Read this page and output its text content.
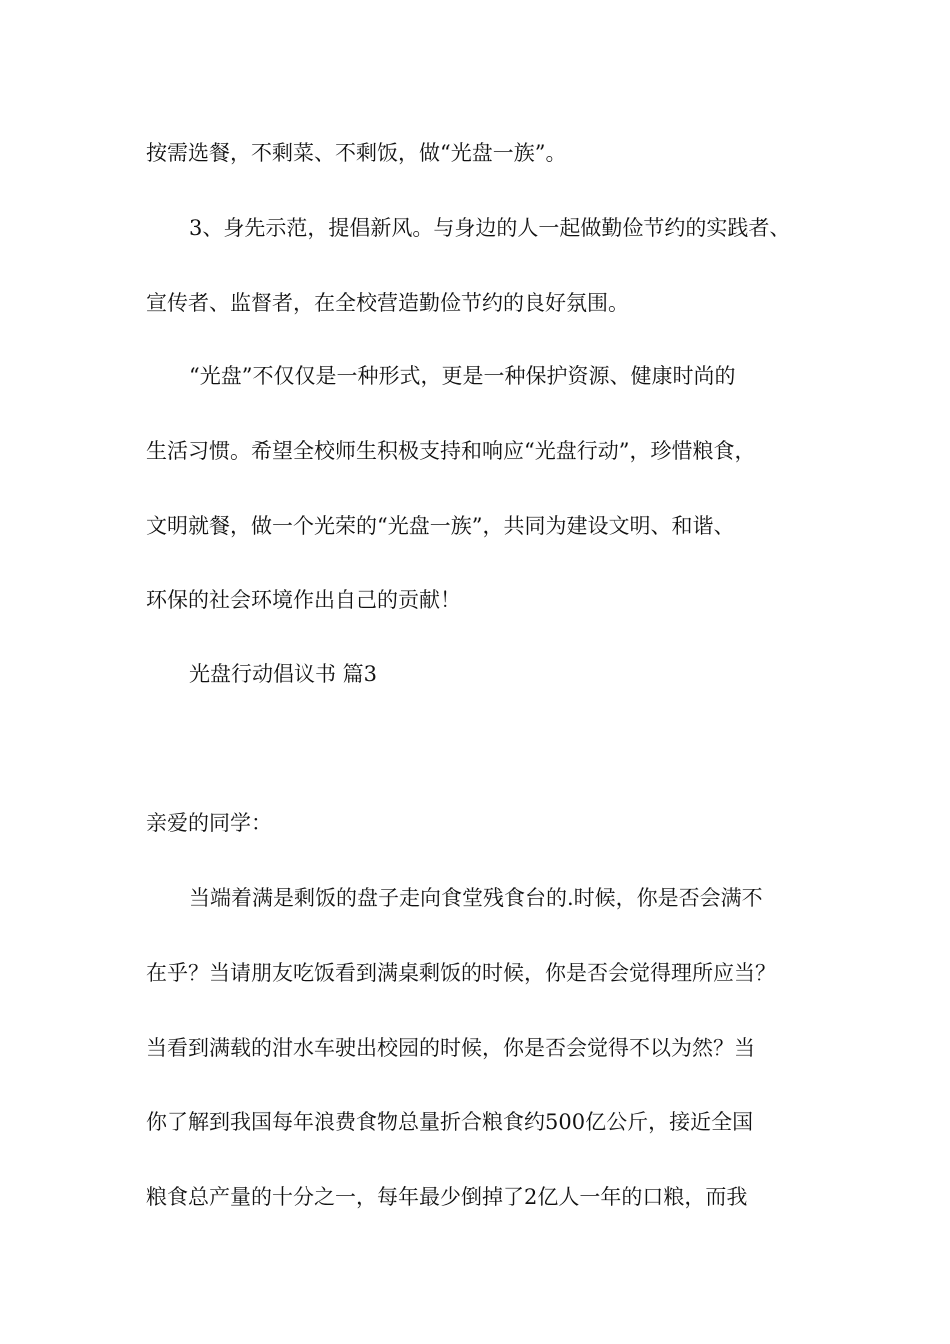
按需选餐，不剩菜、不剩饭，做“光盘一族”。
3、身先示范，提倡新风。与身边的人一起做勤俭节约的实践者、
宣传者、监督者，在全校营造勤俭节约的良好氛围。
“光盘”不仅仅是一种形式，更是一种保护资源、健康时尚的
生活习惯。希望全校师生积极支持和响应“光盘行动”，珍惜粮食，
文明就餐，做一个光荣的“光盘一族”，共同为建设文明、和谐、
环保的社会环境作出自己的贡献！
光盘行动倡议书 篇3
亲爱的同学：
当端着满是剩饭的盘子走向食堂残食台的.时候，你是否会满不
在乎？当请朋友吃饭看到满桌剩饭的时候，你是否会觉得理所应当？
当看到满载的泔水车驶出校园的时候，你是否会觉得不以为然？当
你了解到我国每年浪费食物总量折合粮食约500亿公斤，接近全国
粮食总产量的十分之一，每年最少倒掉了2亿人一年的口粮，而我
